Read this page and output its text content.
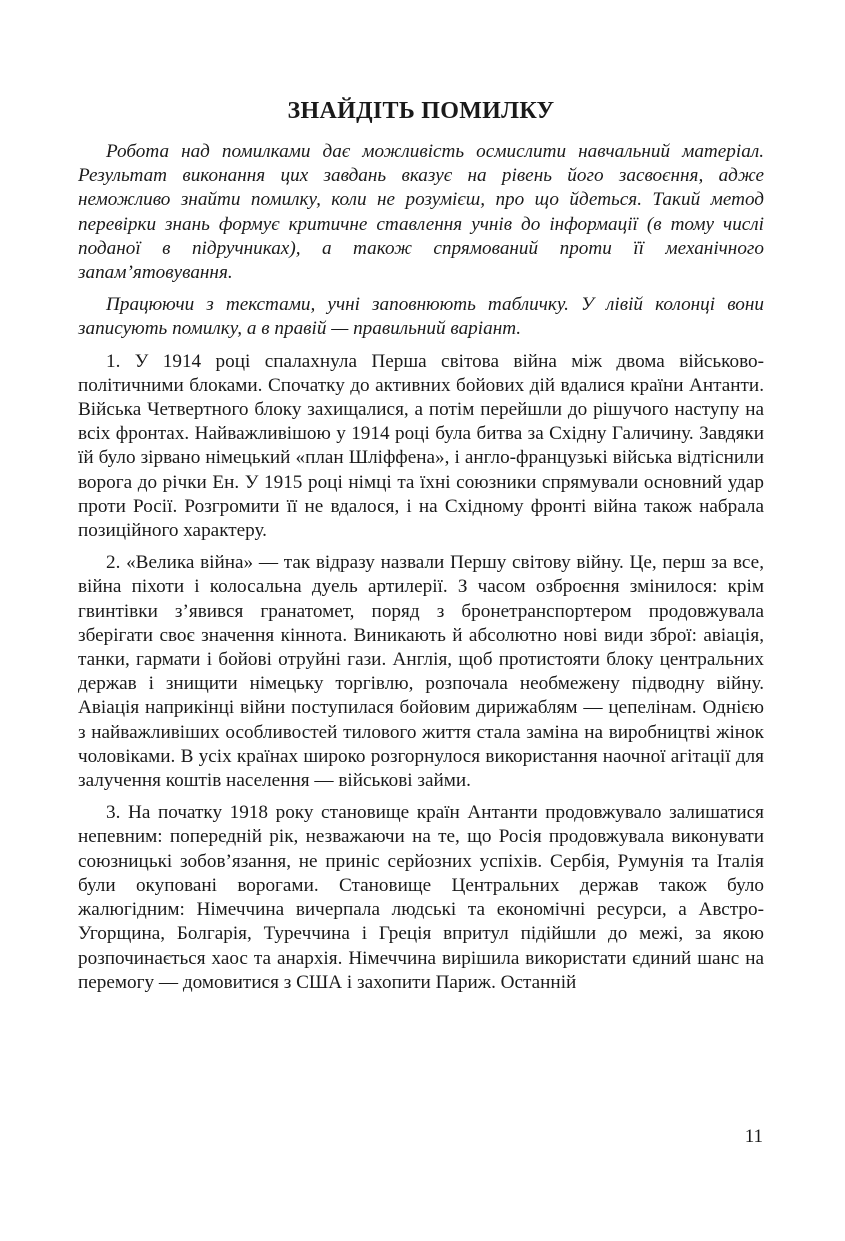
ЗНАЙДІТЬ ПОМИЛКУ

Робота над помилками дає можливість осмислити навчальний матеріал. Результат виконання цих завдань вказує на рівень його засвоєння, адже неможливо знайти помилку, коли не розумієш, про що йдеться. Такий метод перевірки знань формує критичне ставлення учнів до інформації (в тому числі поданої в підручниках), а також спрямований проти її механічного запам’ятовування.

Працюючи з текстами, учні заповнюють табличку. У лівій колонці вони записують помилку, а в правій — правильний варіант.

1. У 1914 році спалахнула Перша світова війна між двома військово-політичними блоками. Спочатку до активних бойових дій вдалися країни Антанти. Війська Четвертного блоку захищалися, а потім перейшли до рішучого наступу на всіх фронтах. Найважливішою у 1914 році була битва за Східну Галичину. Завдяки їй було зірвано німецький «план Шліффена», і англо-французькі війська відтіснили ворога до річки Ен. У 1915 році німці та їхні союзники спрямували основний удар проти Росії. Розгромити її не вдалося, і на Східному фронті війна також набрала позиційного характеру.

2. «Велика війна» — так відразу назвали Першу світову війну. Це, перш за все, війна піхоти і колосальна дуель артилерії. З часом озброєння змінилося: крім гвинтівки з’явився гранатомет, поряд з бронетранспортером продовжувала зберігати своє значення кіннота. Виникають й абсолютно нові види зброї: авіація, танки, гармати і бойові отруйні гази. Англія, щоб протистояти блоку центральних держав і знищити німецьку торгівлю, розпочала необмежену підводну війну. Авіація наприкінці війни поступилася бойовим дирижаблям — цепелінам. Однією з найважливіших особливостей тилового життя стала заміна на виробництві жінок чоловіками. В усіх країнах широко розгорнулося використання наочної агітації для залучення коштів населення — військові займи.

3. На початку 1918 року становище країн Антанти продовжувало залишатися непевним: попередній рік, незважаючи на те, що Росія продовжувала виконувати союзницькі зобов’язання, не приніс серйозних успіхів. Сербія, Румунія та Італія були окуповані ворогами. Становище Центральних держав також було жалюгідним: Німеччина вичерпала людські та економічні ресурси, а Австро-Угорщина, Болгарія, Туреччина і Греція впритул підійшли до межі, за якою розпочинається хаос та анархія. Німеччина вирішила використати єдиний шанс на перемогу — домовитися з США і захопити Париж. Останній

11
